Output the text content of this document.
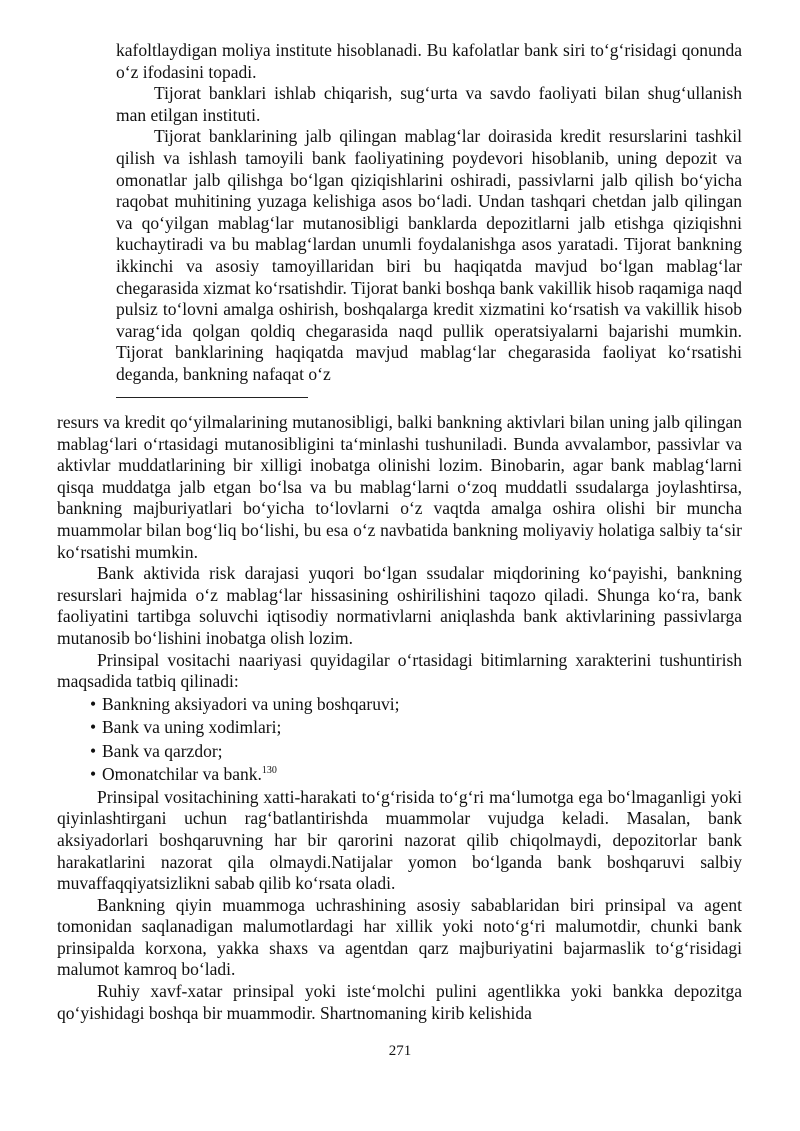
kafoltlaydigan moliya institute hisoblanadi. Bu kafolatlar bank siri to‘g‘risidagi qonunda o‘z ifodasini topadi.

Tijorat banklari ishlab chiqarish, sug‘urta va savdo faoliyati bilan shug‘ullanish man etilgan instituti.

Tijorat banklarining jalb qilingan mablag‘lar doirasida kredit resurslarini tashkil qilish va ishlash tamoyili bank faoliyatining poydevori hisoblanib, uning depozit va omonatlar jalb qilishga bo‘lgan qiziqishlarini oshiradi, passivlarni jalb qilish bo‘yicha raqobat muhitining yuzaga kelishiga asos bo‘ladi. Undan tashqari chetdan jalb qilingan va qo‘yilgan mablag‘lar mutanosibligi banklarda depozitlarni jalb etishga qiziqishni kuchaytiradi va bu mablag‘lardan unumli foydalanishga asos yaratadi. Tijorat bankning ikkinchi va asosiy tamoyillaridan biri bu haqiqatda mavjud bo‘lgan mablag‘lar chegarasida xizmat ko‘rsatishdir. Tijorat banki boshqa bank vakillik hisob raqamiga naqd pulsiz to‘lovni amalga oshirish, boshqalarga kredit xizmatini ko‘rsatish va vakillik hisob varag‘ida qolgan qoldiq chegarasida naqd pullik operatsiyalarni bajarishi mumkin. Tijorat banklarining haqiqatda mavjud mablag‘lar chegarasida faoliyat ko‘rsatishi deganda, bankning nafaqat o‘z

resurs va kredit qo‘yilmalarining mutanosibligi, balki bankning aktivlari bilan uning jalb qilingan mablag‘lari o‘rtasidagi mutanosibligini ta‘minlashi tushuniladi. Bunda avvalambor, passivlar va aktivlar muddatlarining bir xilligi inobatga olinishi lozim. Binobarin, agar bank mablag‘larni qisqa muddatga jalb etgan bo‘lsa va bu mablag‘larni o‘zoq muddatli ssudalarga joylashtirsa, bankning majburiyatlari bo‘yicha to‘lovlarni o‘z vaqtda amalga oshira olishi bir muncha muammolar bilan bog‘liq bo‘lishi, bu esa o‘z navbatida bankning moliyaviy holatiga salbiy ta‘sir ko‘rsatishi mumkin.

Bank aktivida risk darajasi yuqori bo‘lgan ssudalar miqdorining ko‘payishi, bankning resurslari hajmida o‘z mablag‘lar hissasining oshirilishini taqozo qiladi. Shunga ko‘ra, bank faoliyatini tartibga soluvchi iqtisodiy normativlarni aniqlashda bank aktivlarining passivlarga mutanosib bo‘lishini inobatga olish lozim.

Prinsipal vositachi naariyasi quyidagilar o‘rtasidagi bitimlarning xarakterini tushuntirish maqsadida tatbiq qilinadi:

• Bankning aksiyadori va uning boshqaruvi;
• Bank va uning xodimlari;
• Bank va qarzdor;
• Omonatchilar va bank.$^{130}$

Prinsipal vositachining xatti-harakati to‘g‘risida to‘g‘ri ma‘lumotga ega bo‘lmaganligi yoki qiyinlashtirgani uchun rag‘batlantirishda muammolar vujudga keladi. Masalan, bank aksiyadorlari boshqaruvning har bir qarorini nazorat qilib chiqolmaydi, depozitorlar bank harakatlarini nazorat qila olmaydi.Natijalar yomon bo‘lganda bank boshqaruvi salbiy muvaffaqqiyatsizlikni sabab qilib ko‘rsata oladi.

Bankning qiyin muammoga uchrashining asosiy sabablaridan biri prinsipal va agent tomonidan saqlanadigan malumotlardagi har xillik yoki noto‘g‘ri malumotdir, chunki bank prinsipalda korxona, yakka shaxs va agentdan qarz majburiyatini bajarmaslik to‘g‘risidagi malumot kamroq bo‘ladi.

Ruhiy xavf-xatar prinsipal yoki iste‘molchi pulini agentlikka yoki bankka depozitga qo‘yishidagi boshqa bir muammodir. Shartnomaning kirib kelishida

271
